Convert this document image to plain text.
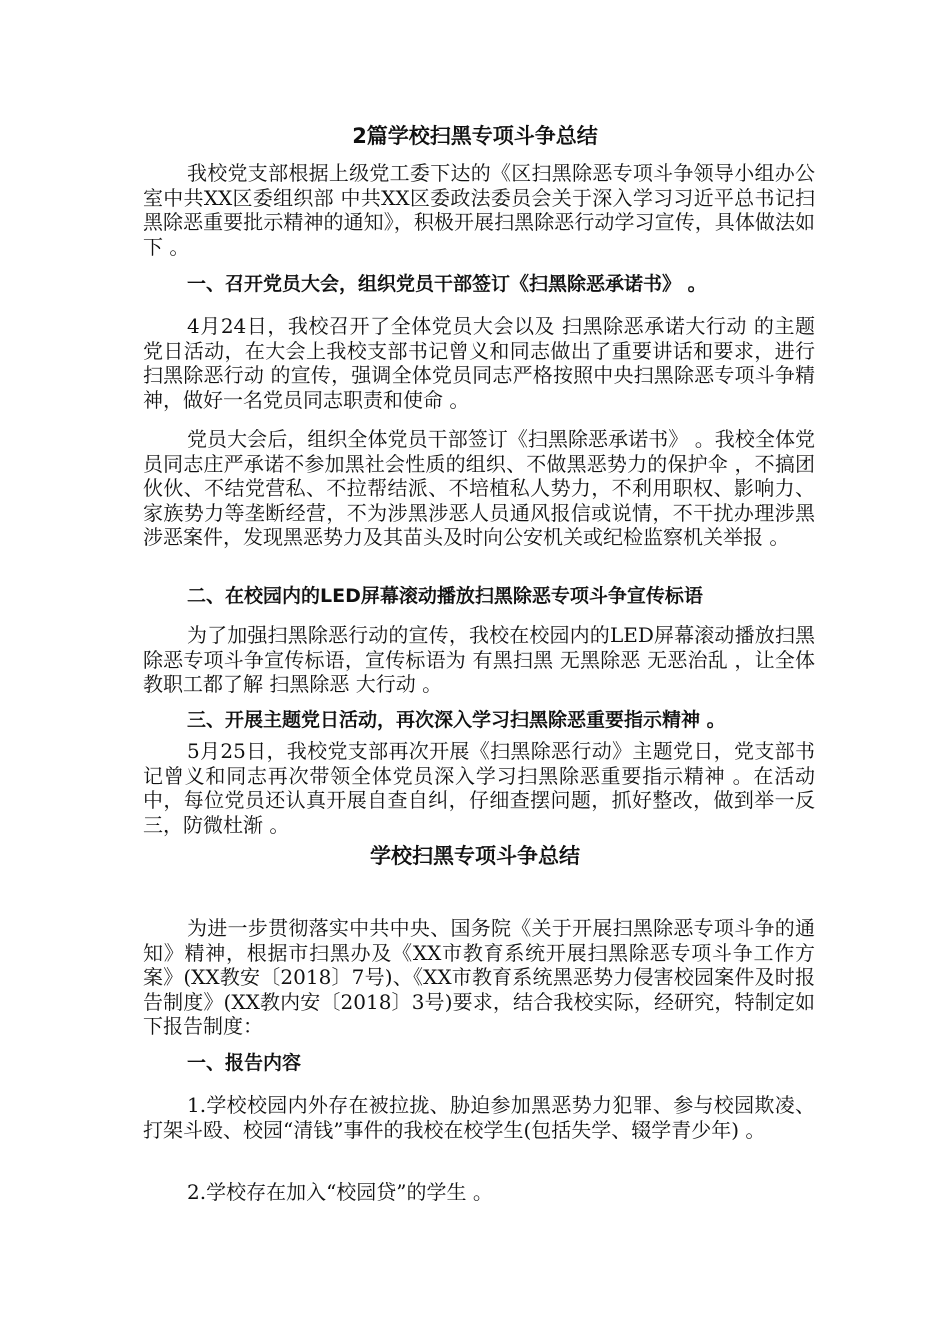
2篇学校扫黑专项斗争总结

我校党支部根据上级党工委下达的《区扫黑除恶专项斗争领导小组办公室中共XX区委组织部 中共XX区委政法委员会关于深入学习习近平总书记扫黑除恶重要批示精神的通知》，积极开展扫黑除恶行动学习宣传，具体做法如下 。

一、召开党员大会，组织党员干部签订《扫黑除恶承诺书》 。

4月24日，我校召开了全体党员大会以及 扫黑除恶承诺大行动 的主题党日活动，在大会上我校支部书记曾义和同志做出了重要讲话和要求，进行 扫黑除恶行动 的宣传，强调全体党员同志严格按照中央扫黑除恶专项斗争精神，做好一名党员同志职责和使命 。

党员大会后，组织全体党员干部签订《扫黑除恶承诺书》 。我校全体党员同志庄严承诺不参加黑社会性质的组织、不做黑恶势力的保护伞 ，不搞团伙伙、不结党营私、不拉帮结派、不培植私人势力，不利用职权、影响力、家族势力等垄断经营，不为涉黑涉恶人员通风报信或说情，不干扰办理涉黑涉恶案件，发现黑恶势力及其苗头及时向公安机关或纪检监察机关举报 。

二、在校园内的LED屏幕滚动播放扫黑除恶专项斗争宣传标语

为了加强扫黑除恶行动的宣传，我校在校园内的LED屏幕滚动播放扫黑除恶专项斗争宣传标语，宣传标语为 有黑扫黑 无黑除恶 无恶治乱 ，让全体教职工都了解 扫黑除恶 大行动 。

三、开展主题党日活动，再次深入学习扫黑除恶重要指示精神 。

5月25日，我校党支部再次开展《扫黑除恶行动》主题党日，党支部书记曾义和同志再次带领全体党员深入学习扫黑除恶重要指示精神 。在活动中，每位党员还认真开展自查自纠，仔细查摆问题，抓好整改，做到举一反三，防微杜渐 。

学校扫黑专项斗争总结

为进一步贯彻落实中共中央、国务院《关于开展扫黑除恶专项斗争的通知》精神，根据市扫黑办及《XX市教育系统开展扫黑除恶专项斗争工作方案》(XX教安〔2018〕7号)、《XX市教育系统黑恶势力侵害校园案件及时报告制度》(XX教内安〔2018〕3号)要求，结合我校实际，经研究，特制定如下报告制度：

一、报告内容

1.学校校园内外存在被拉拢、胁迫参加黑恶势力犯罪、参与校园欺凌、打架斗殴、校园“清钱”事件的我校在校学生(包括失学、辍学青少年) 。

2.学校存在加入“校园贷”的学生 。
